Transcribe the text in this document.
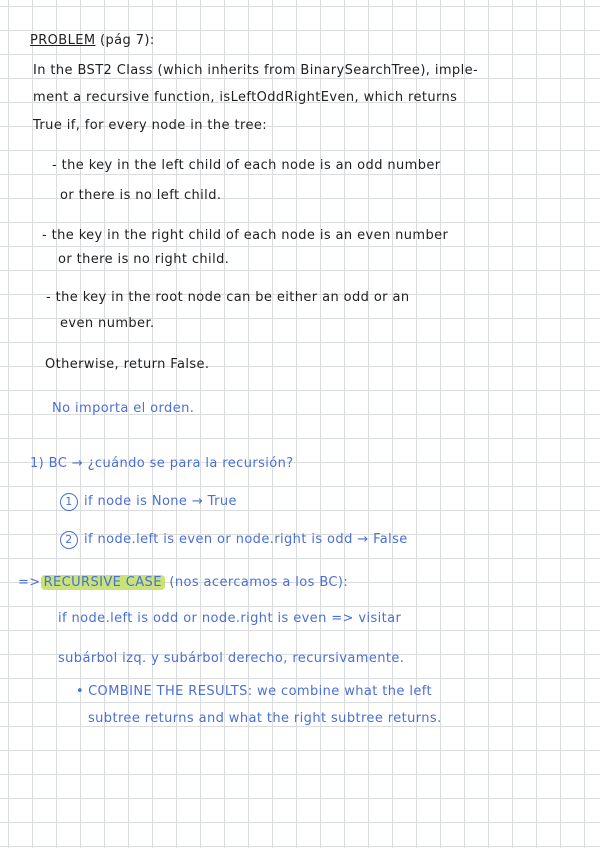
PROBLEM (pág 7):

In the BST2 Class (which inherits from BinarySearchTree), imple-

ment a recursive function, isLeftOddRightEven, which returns

True if, for every node in the tree:

- the key in the left child of each node is an odd number

or there is no left child.

- the key in the right child of each node is an even number

or there is no right child.

- the key in the root node can be either an odd or an

even number.

Otherwise, return False.

No importa el orden.

1) BC → ¿cuándo se para la recursión?

1 if node is None → True
2 if node.left is even or node.right is odd → False
=> RECURSIVE CASE (nos acercamos a los BC):

if node.left is odd or node.right is even => visitar

subárbol izq. y subárbol derecho, recursivamente.

• COMBINE THE RESULTS: we combine what the left

subtree returns and what the right subtree returns.
